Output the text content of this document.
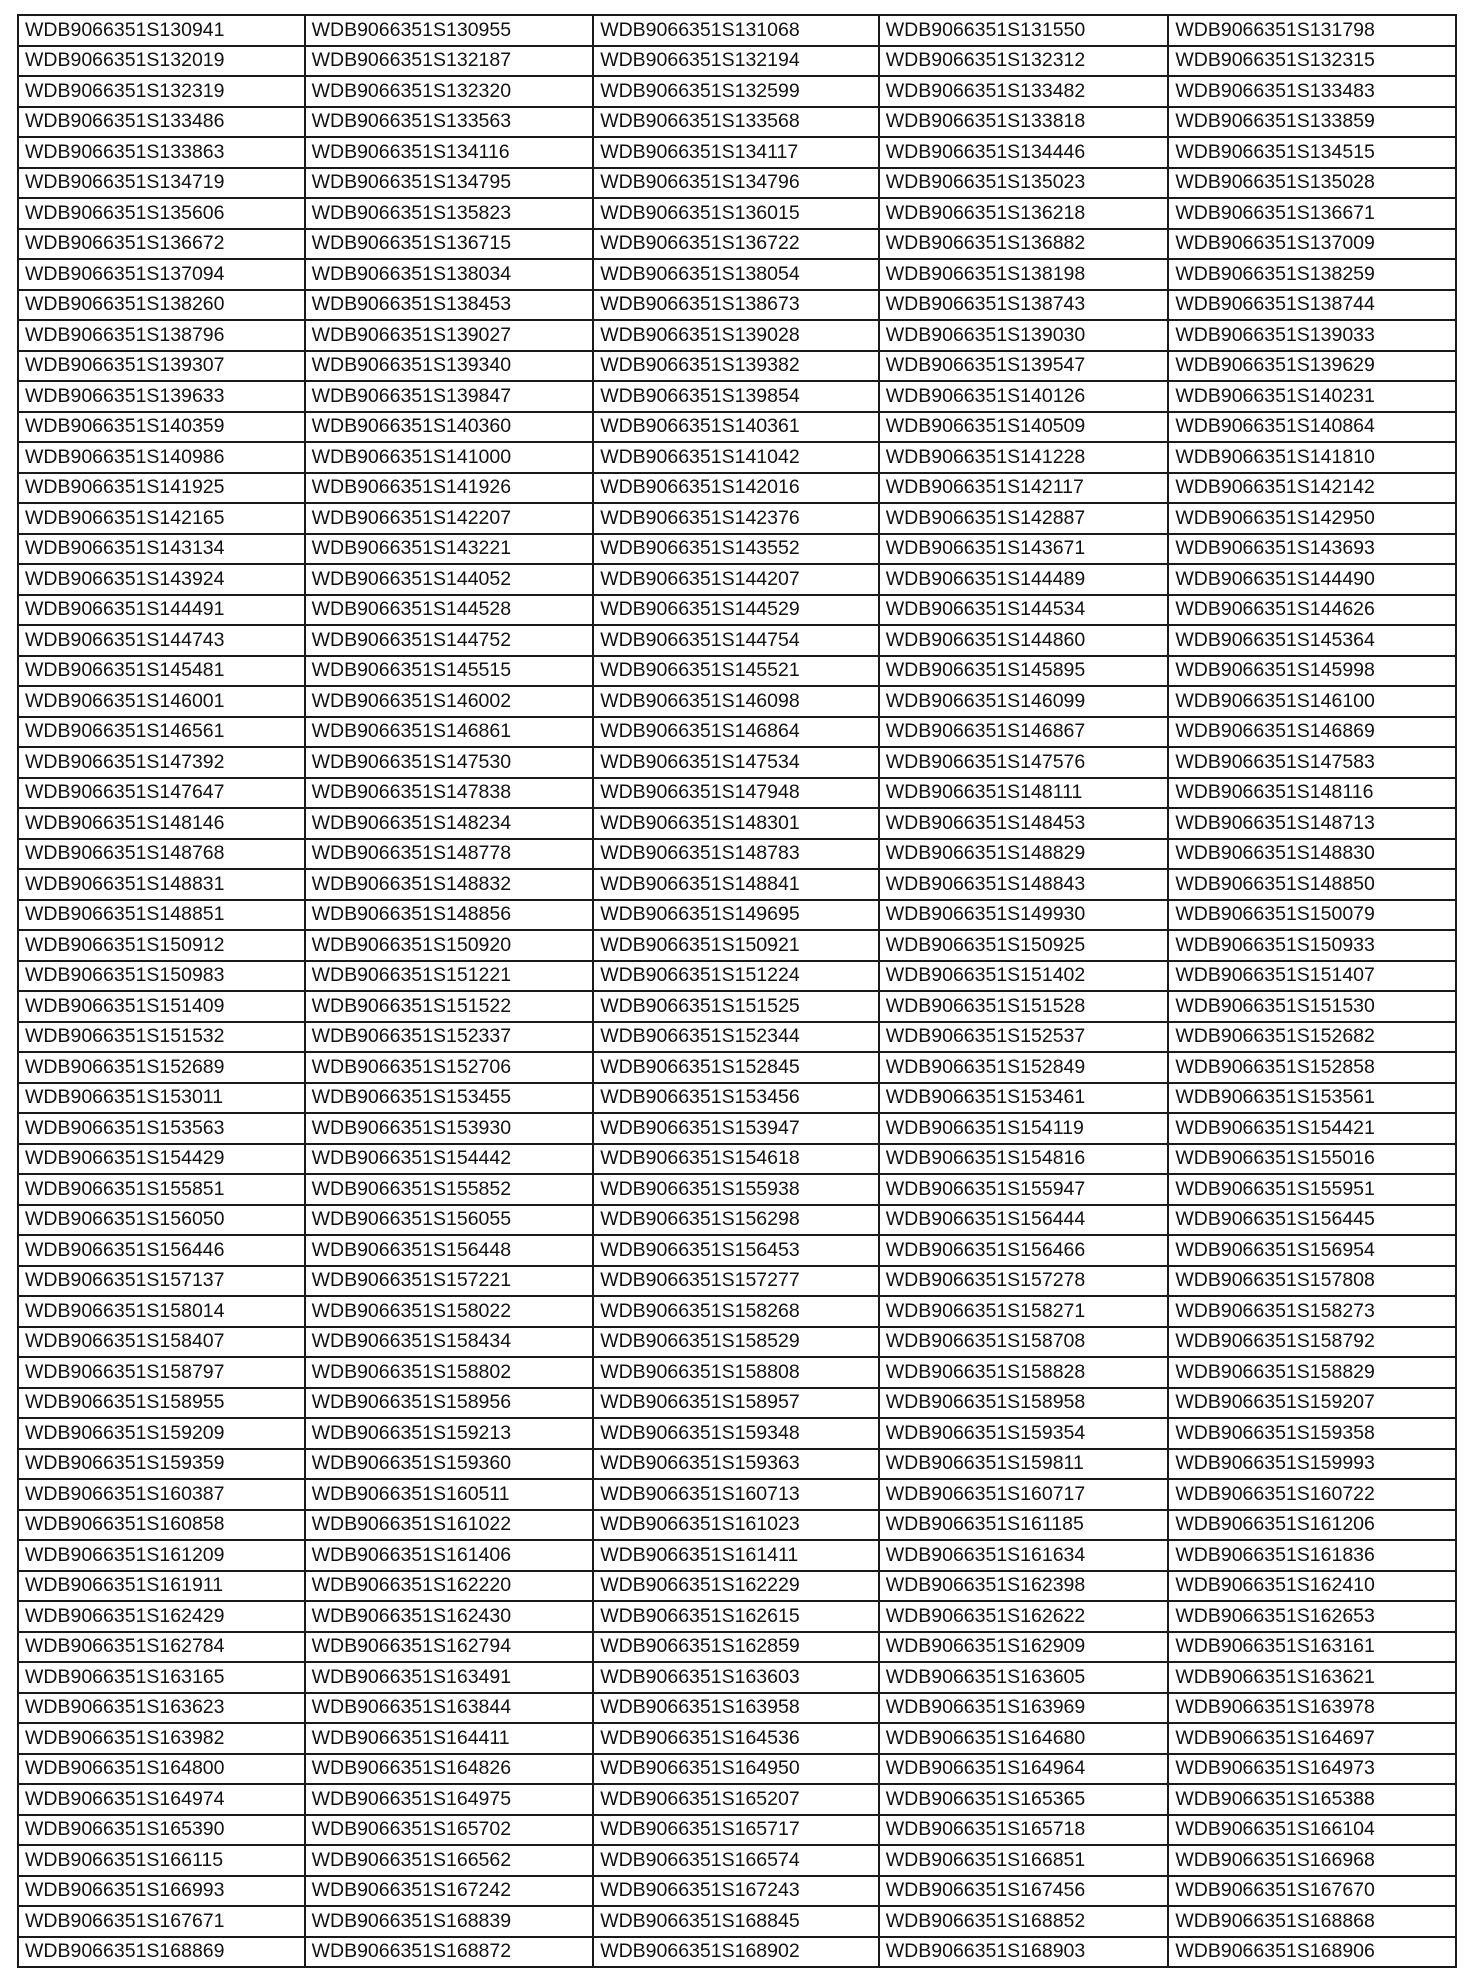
WDB9066351S130941	WDB9066351S130955	WDB9066351S131068	WDB9066351S131550	WDB9066351S131798
WDB9066351S132019	WDB9066351S132187	WDB9066351S132194	WDB9066351S132312	WDB9066351S132315
WDB9066351S132319	WDB9066351S132320	WDB9066351S132599	WDB9066351S133482	WDB9066351S133483
WDB9066351S133486	WDB9066351S133563	WDB9066351S133568	WDB9066351S133818	WDB9066351S133859
WDB9066351S133863	WDB9066351S134116	WDB9066351S134117	WDB9066351S134446	WDB9066351S134515
WDB9066351S134719	WDB9066351S134795	WDB9066351S134796	WDB9066351S135023	WDB9066351S135028
WDB9066351S135606	WDB9066351S135823	WDB9066351S136015	WDB9066351S136218	WDB9066351S136671
WDB9066351S136672	WDB9066351S136715	WDB9066351S136722	WDB9066351S136882	WDB9066351S137009
WDB9066351S137094	WDB9066351S138034	WDB9066351S138054	WDB9066351S138198	WDB9066351S138259
WDB9066351S138260	WDB9066351S138453	WDB9066351S138673	WDB9066351S138743	WDB9066351S138744
WDB9066351S138796	WDB9066351S139027	WDB9066351S139028	WDB9066351S139030	WDB9066351S139033
WDB9066351S139307	WDB9066351S139340	WDB9066351S139382	WDB9066351S139547	WDB9066351S139629
WDB9066351S139633	WDB9066351S139847	WDB9066351S139854	WDB9066351S140126	WDB9066351S140231
WDB9066351S140359	WDB9066351S140360	WDB9066351S140361	WDB9066351S140509	WDB9066351S140864
WDB9066351S140986	WDB9066351S141000	WDB9066351S141042	WDB9066351S141228	WDB9066351S141810
WDB9066351S141925	WDB9066351S141926	WDB9066351S142016	WDB9066351S142117	WDB9066351S142142
WDB9066351S142165	WDB9066351S142207	WDB9066351S142376	WDB9066351S142887	WDB9066351S142950
WDB9066351S143134	WDB9066351S143221	WDB9066351S143552	WDB9066351S143671	WDB9066351S143693
WDB9066351S143924	WDB9066351S144052	WDB9066351S144207	WDB9066351S144489	WDB9066351S144490
WDB9066351S144491	WDB9066351S144528	WDB9066351S144529	WDB9066351S144534	WDB9066351S144626
WDB9066351S144743	WDB9066351S144752	WDB9066351S144754	WDB9066351S144860	WDB9066351S145364
WDB9066351S145481	WDB9066351S145515	WDB9066351S145521	WDB9066351S145895	WDB9066351S145998
WDB9066351S146001	WDB9066351S146002	WDB9066351S146098	WDB9066351S146099	WDB9066351S146100
WDB9066351S146561	WDB9066351S146861	WDB9066351S146864	WDB9066351S146867	WDB9066351S146869
WDB9066351S147392	WDB9066351S147530	WDB9066351S147534	WDB9066351S147576	WDB9066351S147583
WDB9066351S147647	WDB9066351S147838	WDB9066351S147948	WDB9066351S148111	WDB9066351S148116
WDB9066351S148146	WDB9066351S148234	WDB9066351S148301	WDB9066351S148453	WDB9066351S148713
WDB9066351S148768	WDB9066351S148778	WDB9066351S148783	WDB9066351S148829	WDB9066351S148830
WDB9066351S148831	WDB9066351S148832	WDB9066351S148841	WDB9066351S148843	WDB9066351S148850
WDB9066351S148851	WDB9066351S148856	WDB9066351S149695	WDB9066351S149930	WDB9066351S150079
WDB9066351S150912	WDB9066351S150920	WDB9066351S150921	WDB9066351S150925	WDB9066351S150933
WDB9066351S150983	WDB9066351S151221	WDB9066351S151224	WDB9066351S151402	WDB9066351S151407
WDB9066351S151409	WDB9066351S151522	WDB9066351S151525	WDB9066351S151528	WDB9066351S151530
WDB9066351S151532	WDB9066351S152337	WDB9066351S152344	WDB9066351S152537	WDB9066351S152682
WDB9066351S152689	WDB9066351S152706	WDB9066351S152845	WDB9066351S152849	WDB9066351S152858
WDB9066351S153011	WDB9066351S153455	WDB9066351S153456	WDB9066351S153461	WDB9066351S153561
WDB9066351S153563	WDB9066351S153930	WDB9066351S153947	WDB9066351S154119	WDB9066351S154421
WDB9066351S154429	WDB9066351S154442	WDB9066351S154618	WDB9066351S154816	WDB9066351S155016
WDB9066351S155851	WDB9066351S155852	WDB9066351S155938	WDB9066351S155947	WDB9066351S155951
WDB9066351S156050	WDB9066351S156055	WDB9066351S156298	WDB9066351S156444	WDB9066351S156445
WDB9066351S156446	WDB9066351S156448	WDB9066351S156453	WDB9066351S156466	WDB9066351S156954
WDB9066351S157137	WDB9066351S157221	WDB9066351S157277	WDB9066351S157278	WDB9066351S157808
WDB9066351S158014	WDB9066351S158022	WDB9066351S158268	WDB9066351S158271	WDB9066351S158273
WDB9066351S158407	WDB9066351S158434	WDB9066351S158529	WDB9066351S158708	WDB9066351S158792
WDB9066351S158797	WDB9066351S158802	WDB9066351S158808	WDB9066351S158828	WDB9066351S158829
WDB9066351S158955	WDB9066351S158956	WDB9066351S158957	WDB9066351S158958	WDB9066351S159207
WDB9066351S159209	WDB9066351S159213	WDB9066351S159348	WDB9066351S159354	WDB9066351S159358
WDB9066351S159359	WDB9066351S159360	WDB9066351S159363	WDB9066351S159811	WDB9066351S159993
WDB9066351S160387	WDB9066351S160511	WDB9066351S160713	WDB9066351S160717	WDB9066351S160722
WDB9066351S160858	WDB9066351S161022	WDB9066351S161023	WDB9066351S161185	WDB9066351S161206
WDB9066351S161209	WDB9066351S161406	WDB9066351S161411	WDB9066351S161634	WDB9066351S161836
WDB9066351S161911	WDB9066351S162220	WDB9066351S162229	WDB9066351S162398	WDB9066351S162410
WDB9066351S162429	WDB9066351S162430	WDB9066351S162615	WDB9066351S162622	WDB9066351S162653
WDB9066351S162784	WDB9066351S162794	WDB9066351S162859	WDB9066351S162909	WDB9066351S163161
WDB9066351S163165	WDB9066351S163491	WDB9066351S163603	WDB9066351S163605	WDB9066351S163621
WDB9066351S163623	WDB9066351S163844	WDB9066351S163958	WDB9066351S163969	WDB9066351S163978
WDB9066351S163982	WDB9066351S164411	WDB9066351S164536	WDB9066351S164680	WDB9066351S164697
WDB9066351S164800	WDB9066351S164826	WDB9066351S164950	WDB9066351S164964	WDB9066351S164973
WDB9066351S164974	WDB9066351S164975	WDB9066351S165207	WDB9066351S165365	WDB9066351S165388
WDB9066351S165390	WDB9066351S165702	WDB9066351S165717	WDB9066351S165718	WDB9066351S166104
WDB9066351S166115	WDB9066351S166562	WDB9066351S166574	WDB9066351S166851	WDB9066351S166968
WDB9066351S166993	WDB9066351S167242	WDB9066351S167243	WDB9066351S167456	WDB9066351S167670
WDB9066351S167671	WDB9066351S168839	WDB9066351S168845	WDB9066351S168852	WDB9066351S168868
WDB9066351S168869	WDB9066351S168872	WDB9066351S168902	WDB9066351S168903	WDB9066351S168906
